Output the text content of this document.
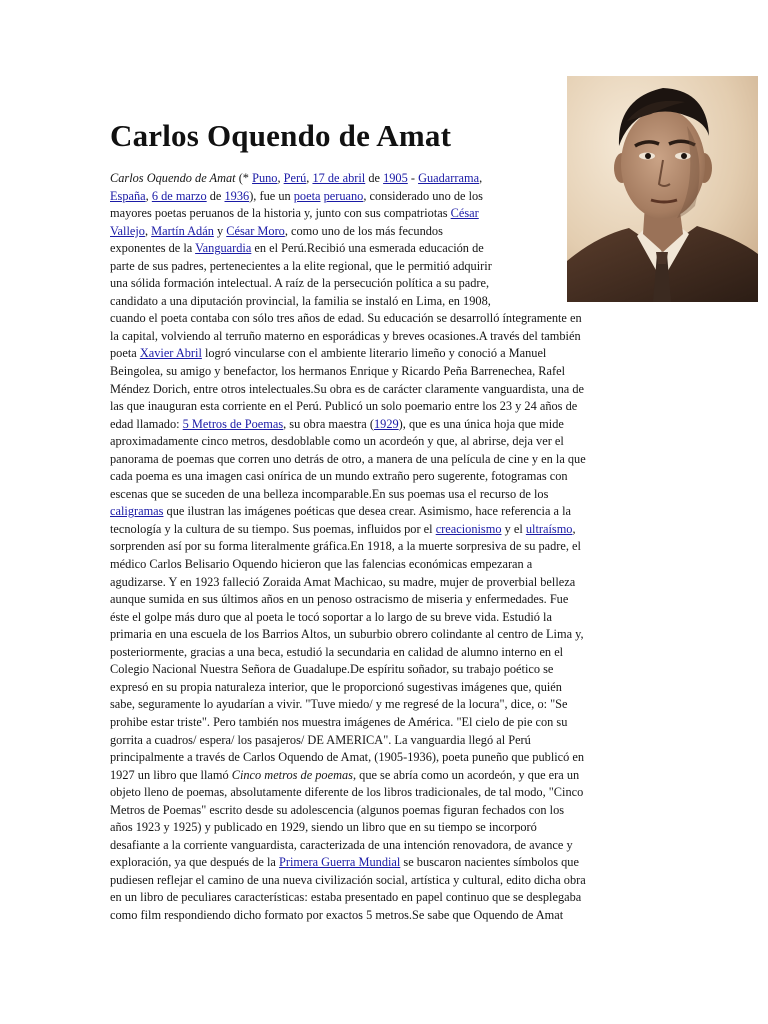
Carlos Oquendo de Amat
Carlos Oquendo de Amat (* Puno, Perú, 17 de abril de 1905 - Guadarrama,
España, 6 de marzo de 1936), fue un poeta peruano, considerado uno de los
mayores poetas peruanos de la historia y, junto con sus compatriotas César
Vallejo, Martín Adán y César Moro, como uno de los más fecundos
exponentes de la Vanguardia en el Perú.Recibió una esmerada educación de
parte de sus padres, pertenecientes a la elite regional, que le permitió adquirir
una sólida formación intelectual. A raíz de la persecución política a su padre,
candidato a una diputación provincial, la familia se instaló en Lima, en 1908,
cuando el poeta contaba con sólo tres años de edad. Su educación se desarrolló íntegramente en
la capital, volviendo al terruño materno en esporádicas y breves ocasiones.A través del también
poeta Xavier Abril logró vincularse con el ambiente literario limeño y conoció a Manuel
Beingolea, su amigo y benefactor, los hermanos Enrique y Ricardo Peña Barrenechea, Rafel
Méndez Dorich, entre otros intelectuales.Su obra es de carácter claramente vanguardista, una de
las que inauguran esta corriente en el Perú. Publicó un solo poemario entre los 23 y 24 años de
edad llamado: 5 Metros de Poemas, su obra maestra (1929), que es una única hoja que mide
aproximadamente cinco metros, desdoblable como un acordeón y que, al abrirse, deja ver el
panorama de poemas que corren uno detrás de otro, a manera de una película de cine y en la que
cada poema es una imagen casi onírica de un mundo extraño pero sugerente, fotogramas con
escenas que se suceden de una belleza incomparable.En sus poemas usa el recurso de los
caligramas que ilustran las imágenes poéticas que desea crear. Asimismo, hace referencia a la
tecnología y la cultura de su tiempo. Sus poemas, influidos por el creacionismo y el ultraísmo,
sorprenden así por su forma literalmente gráfica.En 1918, a la muerte sorpresiva de su padre, el
médico Carlos Belisario Oquendo hicieron que las falencias económicas empezaran a
agudizarse. Y en 1923 falleció Zoraida Amat Machicao, su madre, mujer de proverbial belleza
aunque sumida en sus últimos años en un penoso ostracismo de miseria y enfermedades. Fue
éste el golpe más duro que al poeta le tocó soportar a lo largo de su breve vida. Estudió la
primaria en una escuela de los Barrios Altos, un suburbio obrero colindante al centro de Lima y,
posteriormente, gracias a una beca, estudió la secundaria en calidad de alumno interno en el
Colegio Nacional Nuestra Señora de Guadalupe.De espíritu soñador, su trabajo poético se
expresó en su propia naturaleza interior, que le proporcionó sugestivas imágenes que, quién
sabe, seguramente lo ayudarían a vivir. "Tuve miedo/ y me regresé de la locura", dice, o: "Se
prohibe estar triste". Pero también nos muestra imágenes de América. "El cielo de pie con su
gorrita a cuadros/ espera/ los pasajeros/ DE AMERICA". La vanguardia llegó al Perú
principalmente a través de Carlos Oquendo de Amat, (1905-1936), poeta puneño que publicó en
1927 un libro que llamó Cinco metros de poemas, que se abría como un acordeón, y que era un
objeto lleno de poemas, absolutamente diferente de los libros tradicionales, de tal modo, "Cinco
Metros de Poemas" escrito desde su adolescencia (algunos poemas figuran fechados con los
años 1923 y 1925) y publicado en 1929, siendo un libro que en su tiempo se incorporó
desafiante a la corriente vanguardista, caracterizada de una intención renovadora, de avance y
exploración, ya que después de la Primera Guerra Mundial se buscaron nacientes símbolos que
pudiesen reflejar el camino de una nueva civilización social, artística y cultural, edito dicha obra
en un libro de peculiares características: estaba presentado en papel continuo que se desplegaba
como film respondiendo dicho formato por exactos 5 metros.Se sabe que Oquendo de Amat
